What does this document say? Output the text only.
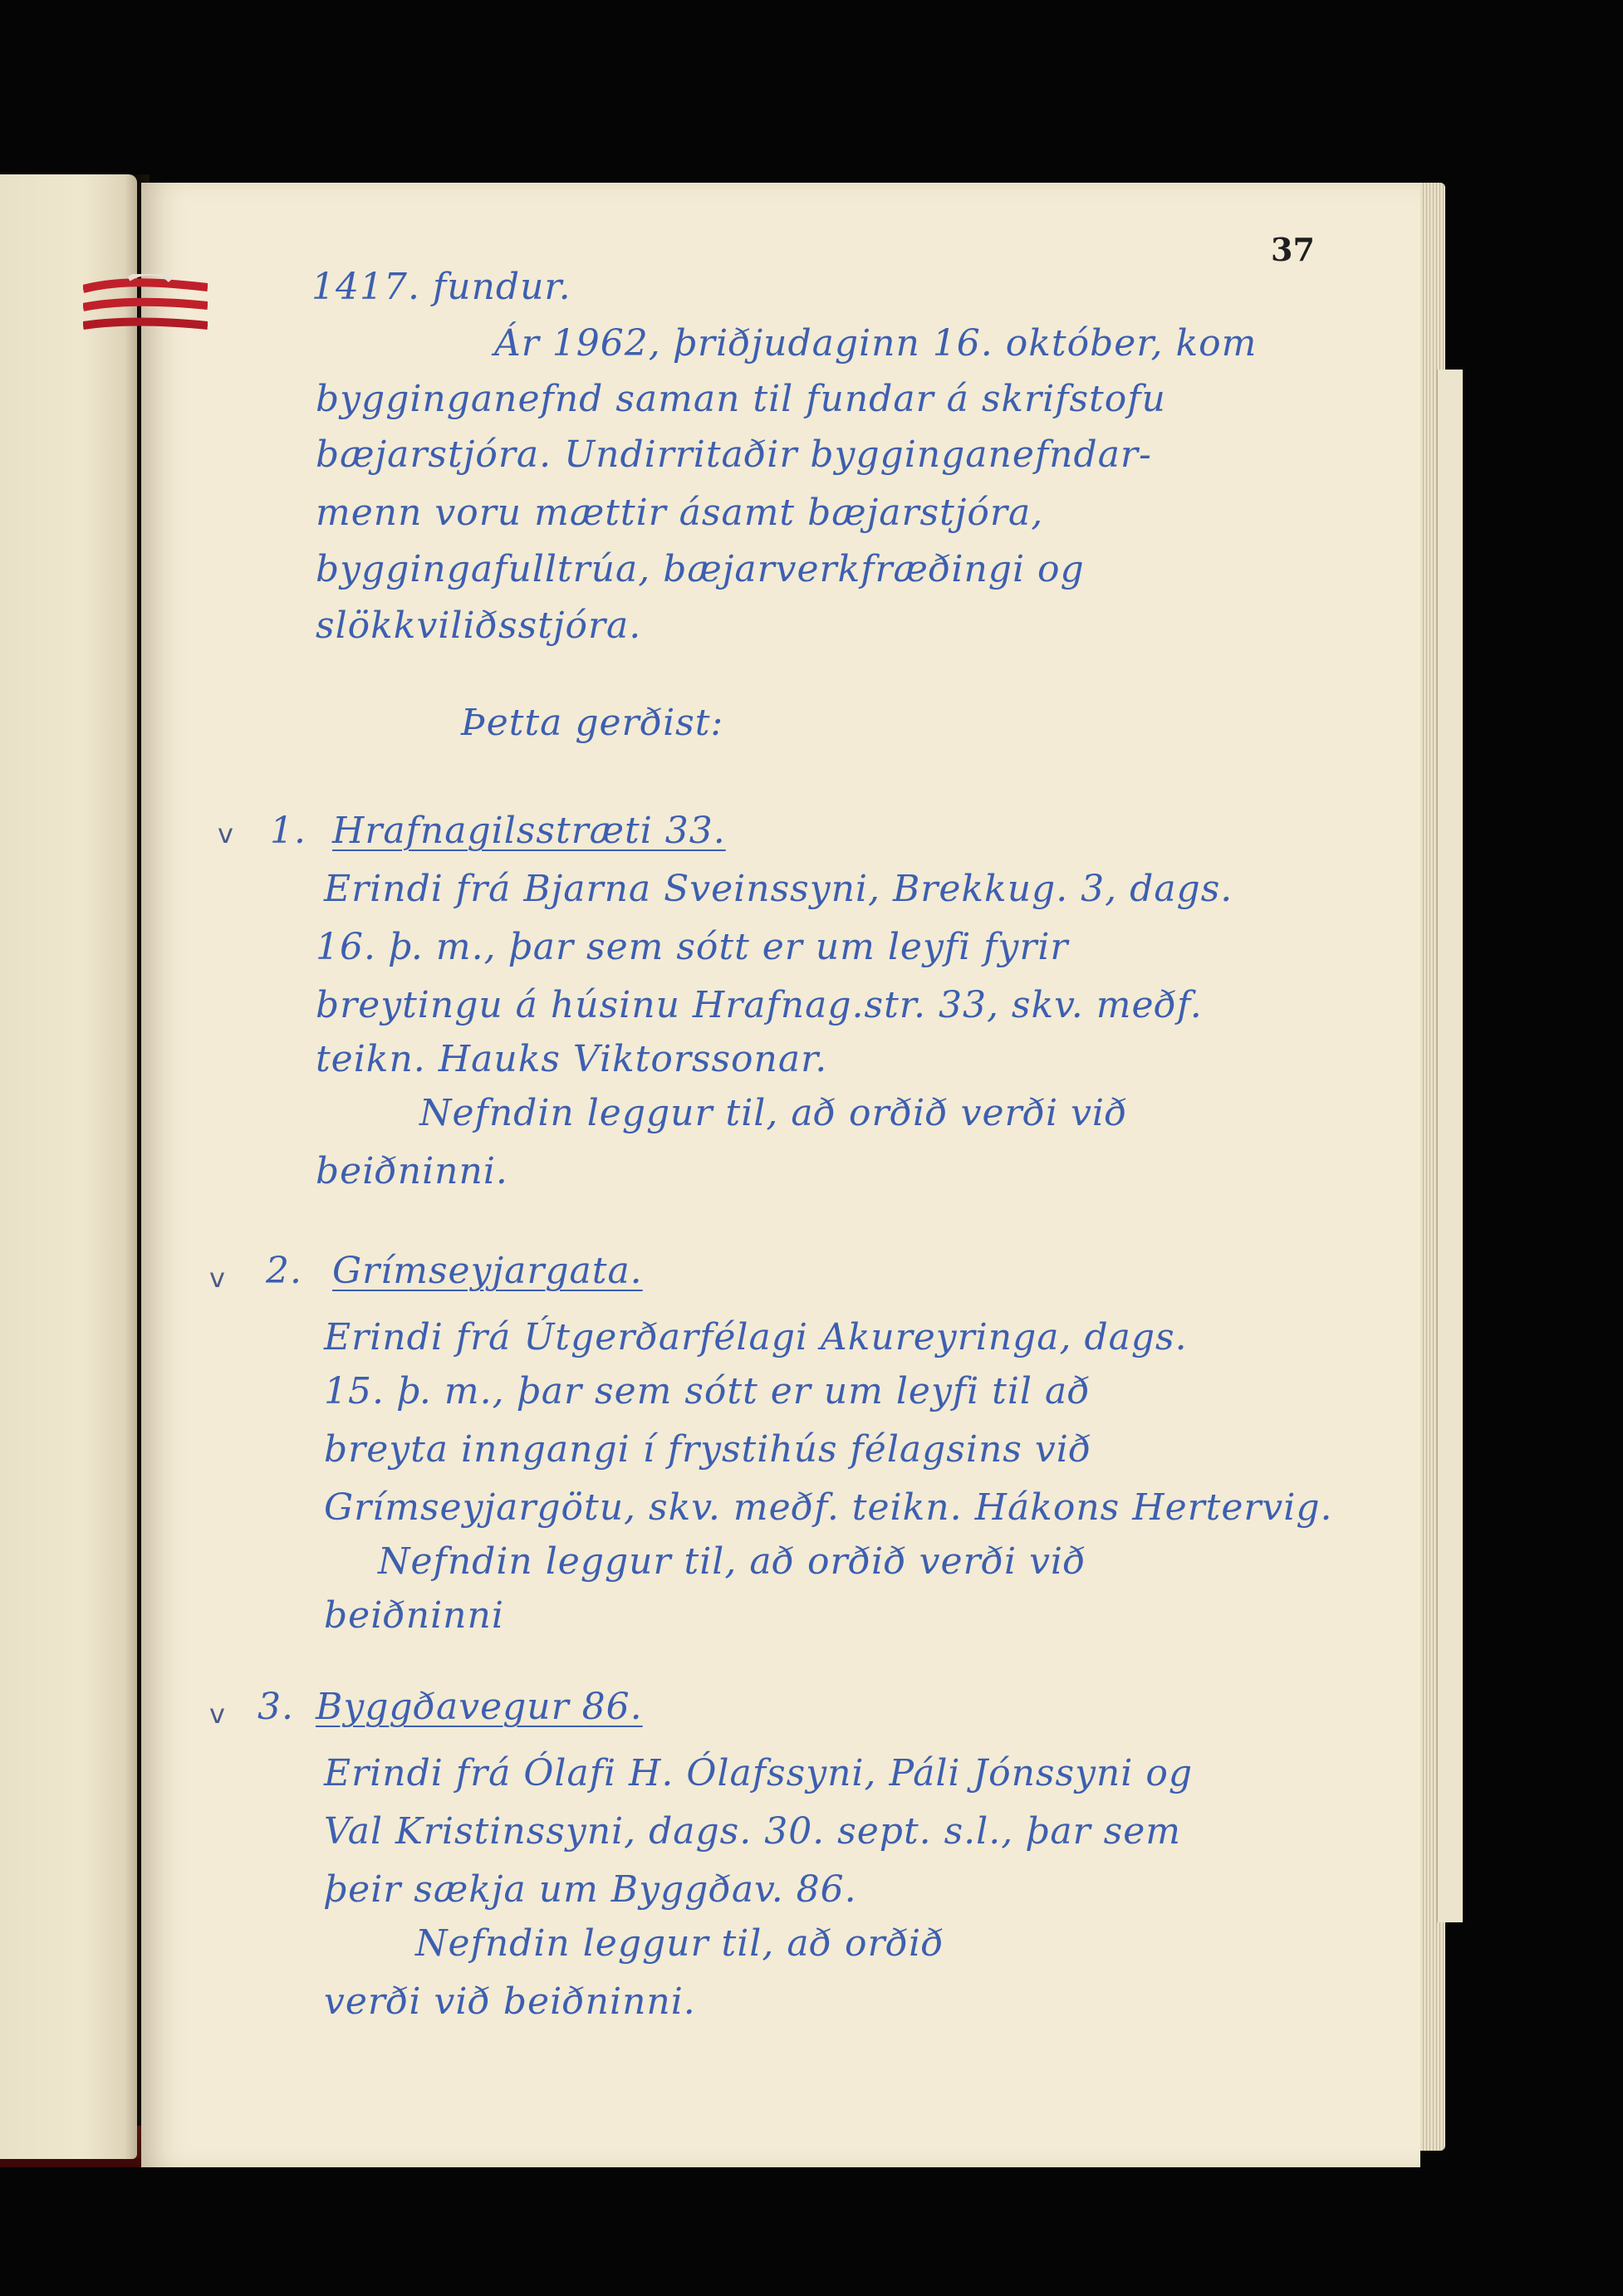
37
1417. fundur.
Ár 1962, þriðjudaginn 16. október, kom
bygginganefnd saman til fundar á skrifstofu
bæjarstjóra. Undirritaðir bygginganefndar-
menn voru mættir ásamt bæjarstjóra,
byggingafulltrúa, bæjarverkfræðingi og
slökkviliðsstjóra.
Þetta gerðist:
v 1. Hrafnagilsstræti 33.
Erindi frá Bjarna Sveinssyni, Brekkug. 3, dags.
16. þ. m., þar sem sótt er um leyfi fyrir
breytingu á húsinu Hrafnag.str. 33, skv. meðf.
teikn. Hauks Viktorssonar.
Nefndin leggur til, að orðið verði við
beiðninni.
v 2. Grímseyjargata.
Erindi frá Útgerðarfélagi Akureyringa, dags.
15. þ. m., þar sem sótt er um leyfi til að
breyta inngangi í frystihús félagsins við
Grímseyjargötu, skv. meðf. teikn. Hákons Hertervig.
Nefndin leggur til, að orðið verði við
beiðninni
v 3. Byggðavegur 86.
Erindi frá Ólafi H. Ólafssyni, Páli Jónssyni og
Val Kristinssyni, dags. 30. sept. s.l., þar sem
þeir sækja um Byggðav. 86.
Nefndin leggur til, að orðið
verði við beiðninni.
